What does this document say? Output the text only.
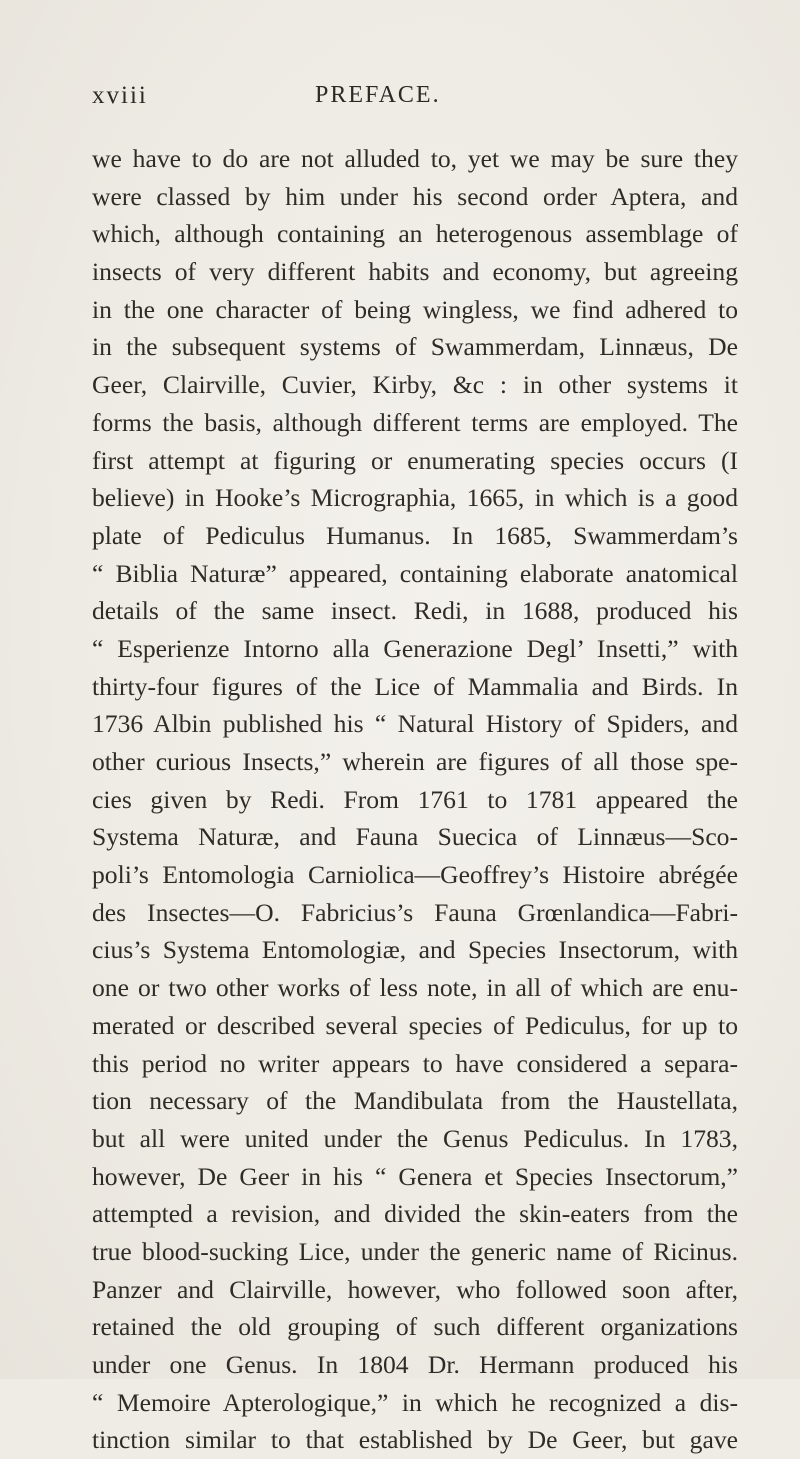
xviii	PREFACE.
we have to do are not alluded to, yet we may be sure they
were classed by him under his second order Aptera, and
which, although containing an heterogenous assemblage of
insects of very different habits and economy, but agreeing
in the one character of being wingless, we find adhered to
in the subsequent systems of Swammerdam, Linnæus, De
Geer, Clairville, Cuvier, Kirby, &c : in other systems it
forms the basis, although different terms are employed. The
first attempt at figuring or enumerating species occurs (I
believe) in Hooke’s Micrographia, 1665, in which is a good
plate of Pediculus Humanus. In 1685, Swammerdam’s
“ Biblia Naturæ” appeared, containing elaborate anatomical
details of the same insect. Redi, in 1688, produced his
“ Esperienze Intorno alla Generazione Degl’ Insetti,” with
thirty-four figures of the Lice of Mammalia and Birds. In
1736 Albin published his “ Natural History of Spiders, and
other curious Insects,” wherein are figures of all those spe-
cies given by Redi. From 1761 to 1781 appeared the
Systema Naturæ, and Fauna Suecica of Linnæus—Sco-
poli’s Entomologia Carniolica—Geoffrey’s Histoire abrégée
des Insectes—O. Fabricius’s Fauna Grœnlandica—Fabri-
cius’s Systema Entomologiæ, and Species Insectorum, with
one or two other works of less note, in all of which are enu-
merated or described several species of Pediculus, for up to
this period no writer appears to have considered a separa-
tion necessary of the Mandibulata from the Haustellata,
but all were united under the Genus Pediculus. In 1783,
however, De Geer in his “ Genera et Species Insectorum,”
attempted a revision, and divided the skin-eaters from the
true blood-sucking Lice, under the generic name of Ricinus.
Panzer and Clairville, however, who followed soon after,
retained the old grouping of such different organizations
under one Genus. In 1804 Dr. Hermann produced his
“ Memoire Apterologique,” in which he recognized a dis-
tinction similar to that established by De Geer, but gave
